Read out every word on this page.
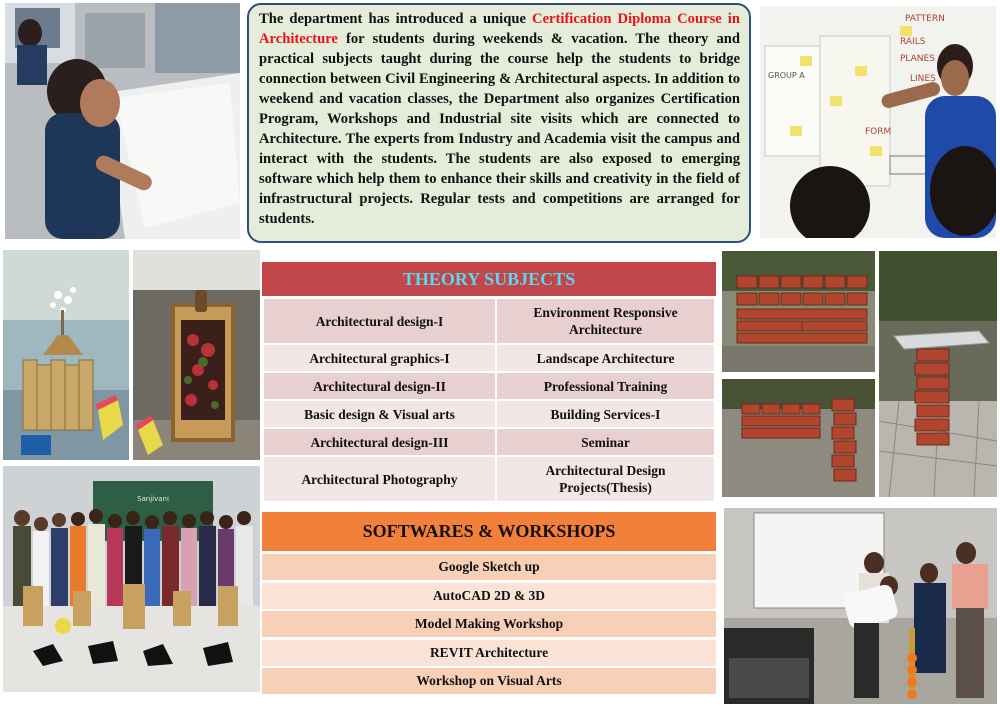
The department has introduced a unique Certification Diploma Course in Architecture for students during weekends & vacation. The theory and practical subjects taught during the course help the students to bridge connection between Civil Engineering & Architectural aspects. In addition to weekend and vacation classes, the Department also organizes Certification Program, Workshops and Industrial site visits which are connected to Architecture. The experts from Industry and Academia visit the campus and interact with the students. The students are also exposed to emerging software which help them to enhance their skills and creativity in the field of infrastructural projects. Regular tests and competitions are arranged for students.
PATTERN
RAILS
PLANES
LINES
FORM
GROUP A
Sanjivani
THEORY SUBJECTS
Architectural design-I	Environment Responsive Architecture
Architectural graphics-I	Landscape Architecture
Architectural design-II	Professional Training
Basic design & Visual arts	Building Services-I
Architectural design-III	Seminar
Architectural Photography	Architectural Design Projects(Thesis)
SOFTWARES & WORKSHOPS
Google Sketch up
AutoCAD 2D & 3D
Model Making Workshop
REVIT Architecture
Workshop on Visual Arts
